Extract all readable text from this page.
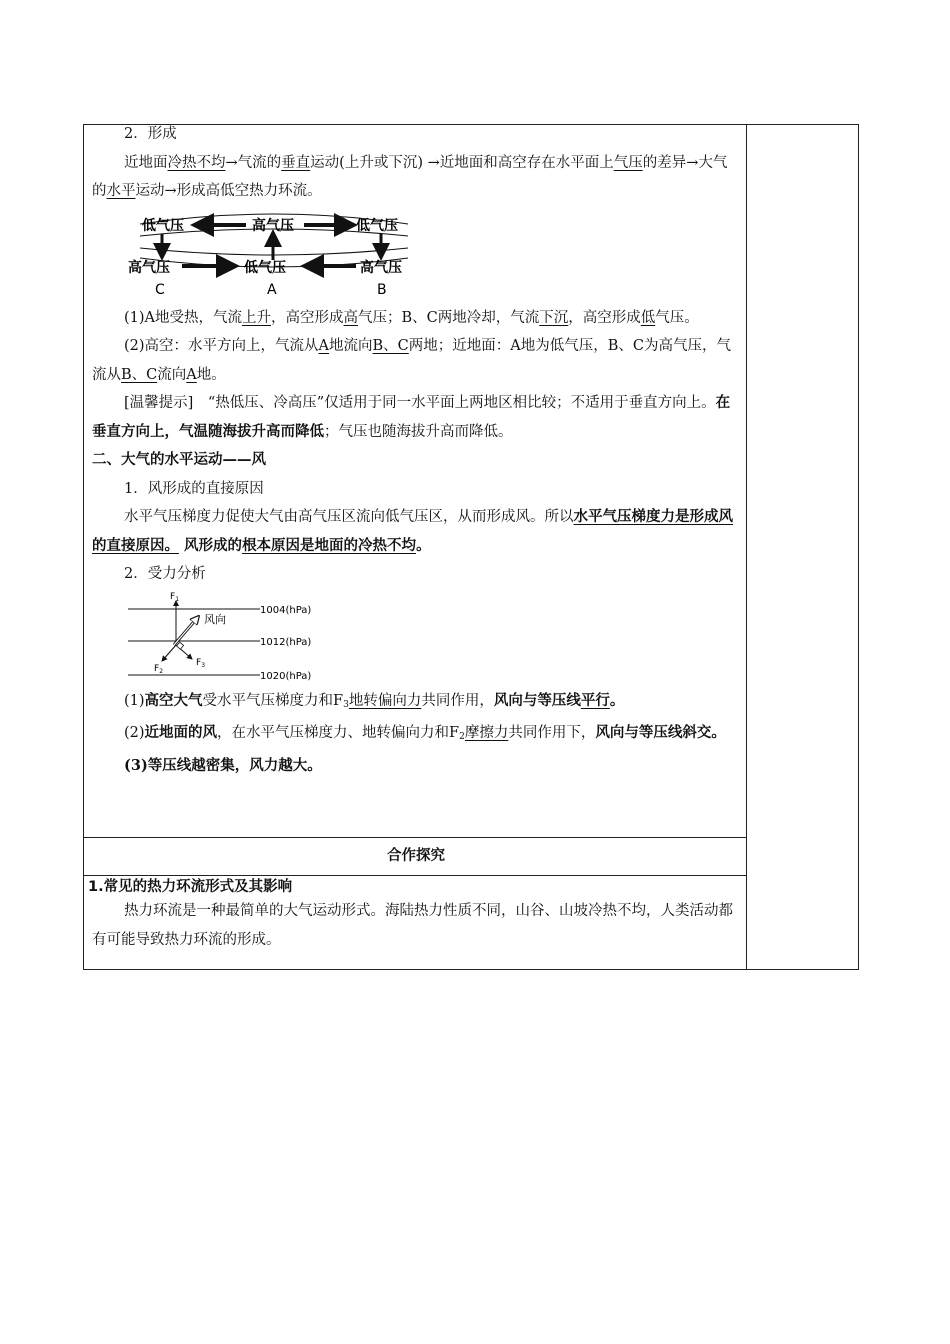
2．形成

近地面冷热不均→气流的垂直运动(上升或下沉) →近地面和高空存在水平面上气压的差异→大气的水平运动→形成高低空热力环流。

低气压	高气压	低气压
高气压	低气压	高气压
C	A	B

(1)A地受热，气流上升，高空形成高气压；B、C两地冷却，气流下沉，高空形成低气压。

(2)高空：水平方向上，气流从A地流向B、C两地；近地面：A地为低气压，B、C为高气压，气流从B、C流向A地。

[温馨提示]　“热低压、冷高压”仅适用于同一水平面上两地区相比较；不适用于垂直方向上。在垂直方向上，气温随海拔升高而降低；气压也随海拔升高而降低。

二、大气的水平运动——风

1．风形成的直接原因

水平气压梯度力促使大气由高气压区流向低气压区，从而形成风。所以水平气压梯度力是形成风的直接原因。 风形成的根本原因是地面的冷热不均。

2．受力分析

1004(hPa)
1012(hPa)
1020(hPa)
$F_1$
风向
$F_2$
$F_3$

(1)高空大气受水平气压梯度力和$F_3$地转偏向力共同作用，风向与等压线平行。

(2)近地面的风，在水平气压梯度力、地转偏向力和$F_2$摩擦力共同作用下，风向与等压线斜交。

(3)等压线越密集，风力越大。

合作探究

1.常见的热力环流形式及其影响

热力环流是一种最简单的大气运动形式。海陆热力性质不同，山谷、山坡冷热不均，人类活动都有可能导致热力环流的形成。
